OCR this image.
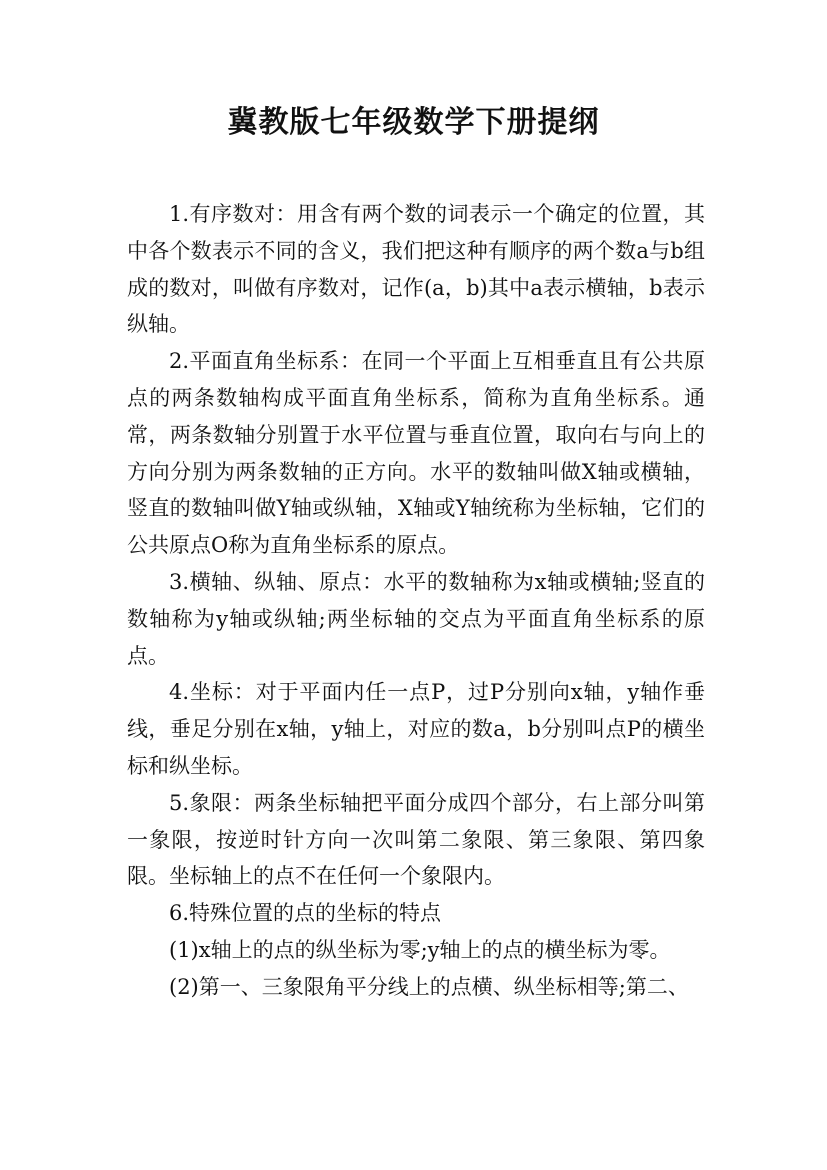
冀教版七年级数学下册提纲

1.有序数对：用含有两个数的词表示一个确定的位置，其中各个数表示不同的含义，我们把这种有顺序的两个数a与b组成的数对，叫做有序数对，记作(a，b)其中a表示横轴，b表示纵轴。

2.平面直角坐标系：在同一个平面上互相垂直且有公共原点的两条数轴构成平面直角坐标系，简称为直角坐标系。通常，两条数轴分别置于水平位置与垂直位置，取向右与向上的方向分别为两条数轴的正方向。水平的数轴叫做X轴或横轴，竖直的数轴叫做Y轴或纵轴，X轴或Y轴统称为坐标轴，它们的公共原点O称为直角坐标系的原点。

3.横轴、纵轴、原点：水平的数轴称为x轴或横轴;竖直的数轴称为y轴或纵轴;两坐标轴的交点为平面直角坐标系的原点。

4.坐标：对于平面内任一点P，过P分别向x轴，y轴作垂线，垂足分别在x轴，y轴上，对应的数a，b分别叫点P的横坐标和纵坐标。

5.象限：两条坐标轴把平面分成四个部分，右上部分叫第一象限，按逆时针方向一次叫第二象限、第三象限、第四象限。坐标轴上的点不在任何一个象限内。

6.特殊位置的点的坐标的特点

(1)x轴上的点的纵坐标为零;y轴上的点的横坐标为零。

(2)第一、三象限角平分线上的点横、纵坐标相等;第二、
